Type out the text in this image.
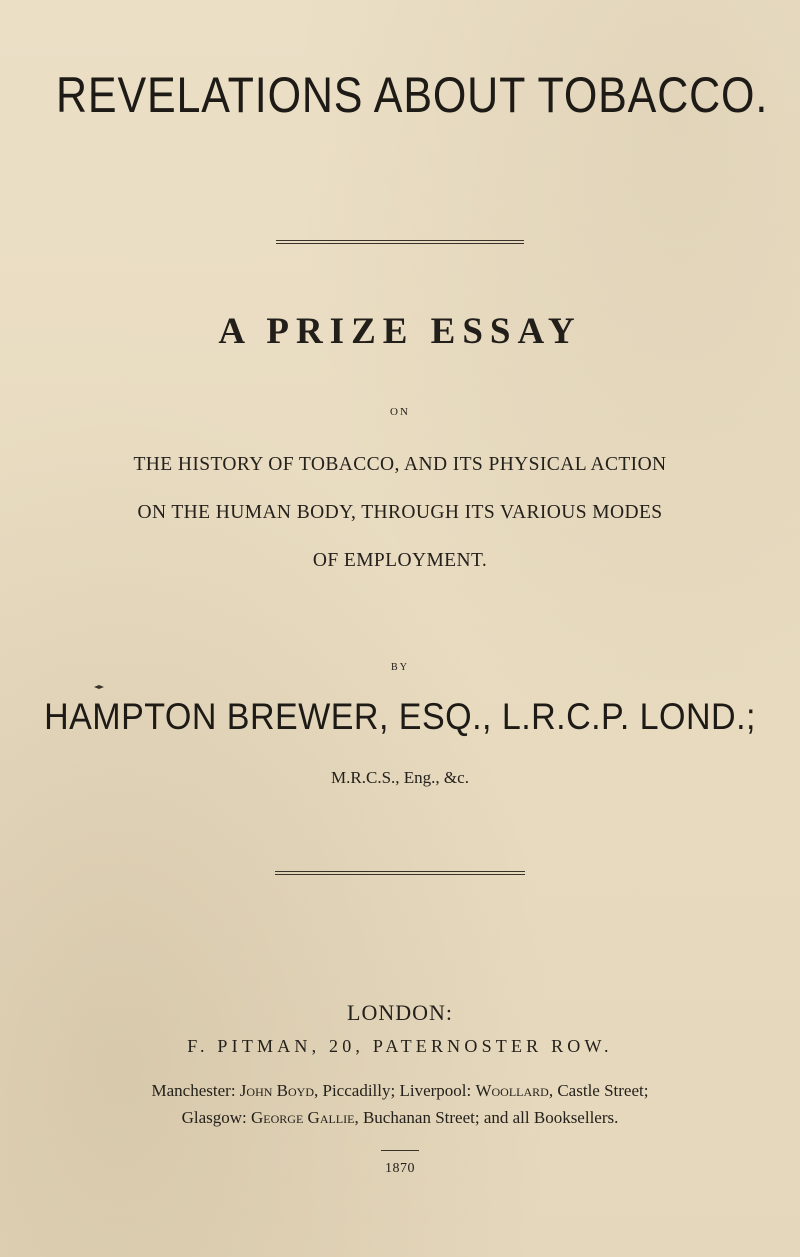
REVELATIONS ABOUT TOBACCO.
A PRIZE ESSAY
ON
THE HISTORY OF TOBACCO, AND ITS PHYSICAL ACTION
ON THE HUMAN BODY, THROUGH ITS VARIOUS MODES
OF EMPLOYMENT.
BY
HAMPTON BREWER, ESQ., L.R.C.P. LOND.;
M.R.C.S., Eng., &c.
LONDON:
F. PITMAN, 20, PATERNOSTER ROW.
Manchester: John Boyd, Piccadilly; Liverpool: Woollard, Castle Street;
Glasgow: George Gallie, Buchanan Street; and all Booksellers.
1870
